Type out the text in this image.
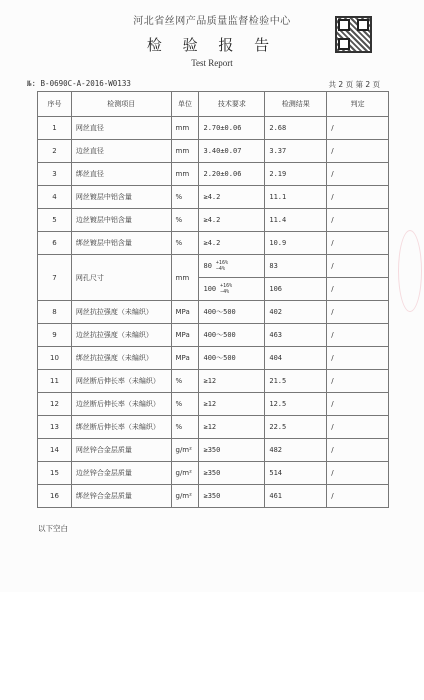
河北省丝网产品质量监督检验中心
检 验 报 告
Test Report
№: B-0690C-A-2016-W0133	共 2 页 第 2 页
序号	检测项目	单位	技术要求	检测结果	判定
1	网丝直径	mm	2.70±0.06	2.68	/
2	边丝直径	mm	3.40±0.07	3.37	/
3	绑丝直径	mm	2.20±0.06	2.19	/
4	网丝镀层中铝含量	%	≥4.2	11.1	/
5	边丝镀层中铝含量	%	≥4.2	11.4	/
6	绑丝镀层中铝含量	%	≥4.2	10.9	/
7	网孔尺寸	mm	80 +16%
−4%	83	/

			100 +16%
−4%	106	/
8	网丝抗拉强度（未编织）	MPa	400～500	402	/
9	边丝抗拉强度（未编织）	MPa	400～500	463	/
10	绑丝抗拉强度（未编织）	MPa	400～500	404	/
11	网丝断后伸长率（未编织）	%	≥12	21.5	/
12	边丝断后伸长率（未编织）	%	≥12	12.5	/
13	绑丝断后伸长率（未编织）	%	≥12	22.5	/
14	网丝锌合金层质量	g/m²	≥350	482	/
15	边丝锌合金层质量	g/m²	≥350	514	/
16	绑丝锌合金层质量	g/m²	≥350	461	/
以下空白
